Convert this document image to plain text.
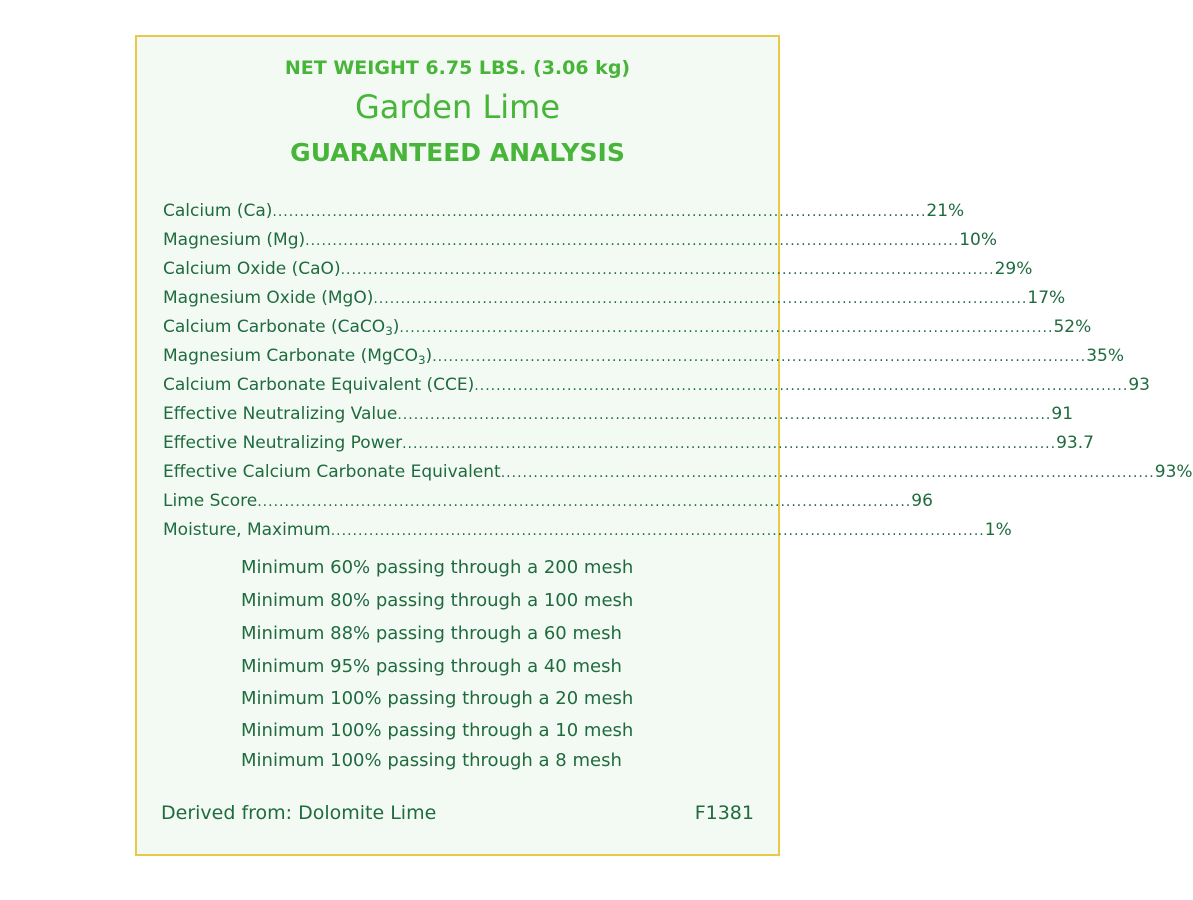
NET WEIGHT 6.75 LBS. (3.06 kg)
Garden Lime
GUARANTEED ANALYSIS
Calcium (Ca) ........................................................................................................................ 21%
Magnesium (Mg) ........................................................................................................................ 10%
Calcium Oxide (CaO) ........................................................................................................................ 29%
Magnesium Oxide (MgO) ........................................................................................................................ 17%
Calcium Carbonate (CaCO$_3$) ........................................................................................................................ 52%
Magnesium Carbonate (MgCO$_3$) ........................................................................................................................ 35%
Calcium Carbonate Equivalent (CCE) ........................................................................................................................ 93
Effective Neutralizing Value ........................................................................................................................ 91
Effective Neutralizing Power ........................................................................................................................ 93.7
Effective Calcium Carbonate Equivalent ........................................................................................................................ 93%
Lime Score ........................................................................................................................ 96
Moisture, Maximum ........................................................................................................................ 1%
Minimum 60% passing through a 200 mesh
Minimum 80% passing through a 100 mesh
Minimum 88% passing through a 60 mesh
Minimum 95% passing through a 40 mesh
Minimum 100% passing through a 20 mesh
Minimum 100% passing through a 10 mesh
Minimum 100% passing through a 8 mesh
Derived from: Dolomite Lime	F1381
